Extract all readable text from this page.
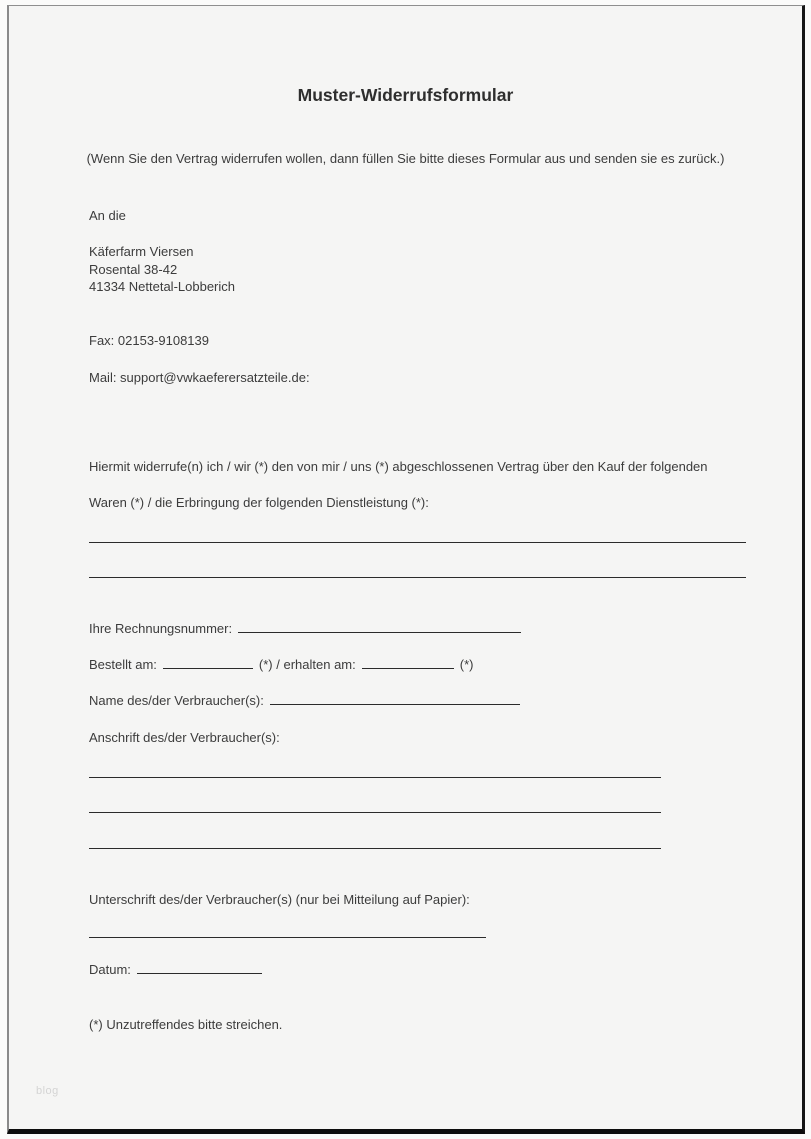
Muster-Widerrufsformular
(Wenn Sie den Vertrag widerrufen wollen, dann füllen Sie bitte dieses Formular aus und senden sie es zurück.)
An die
Käferfarm Viersen
Rosental 38-42
41334 Nettetal-Lobberich
Fax: 02153-9108139
Mail: support@vwkaeferersatzteile.de:
Hiermit widerrufe(n) ich / wir (*) den von mir / uns (*) abgeschlossenen Vertrag über den Kauf der folgenden
Waren (*) / die Erbringung der folgenden Dienstleistung (*):
Ihre Rechnungsnummer:
Bestellt am:	(*) / erhalten am:	(*)
Name des/der Verbraucher(s):
Anschrift des/der Verbraucher(s):
Unterschrift des/der Verbraucher(s) (nur bei Mitteilung auf Papier):
Datum:
(*) Unzutreffendes bitte streichen.
blog
